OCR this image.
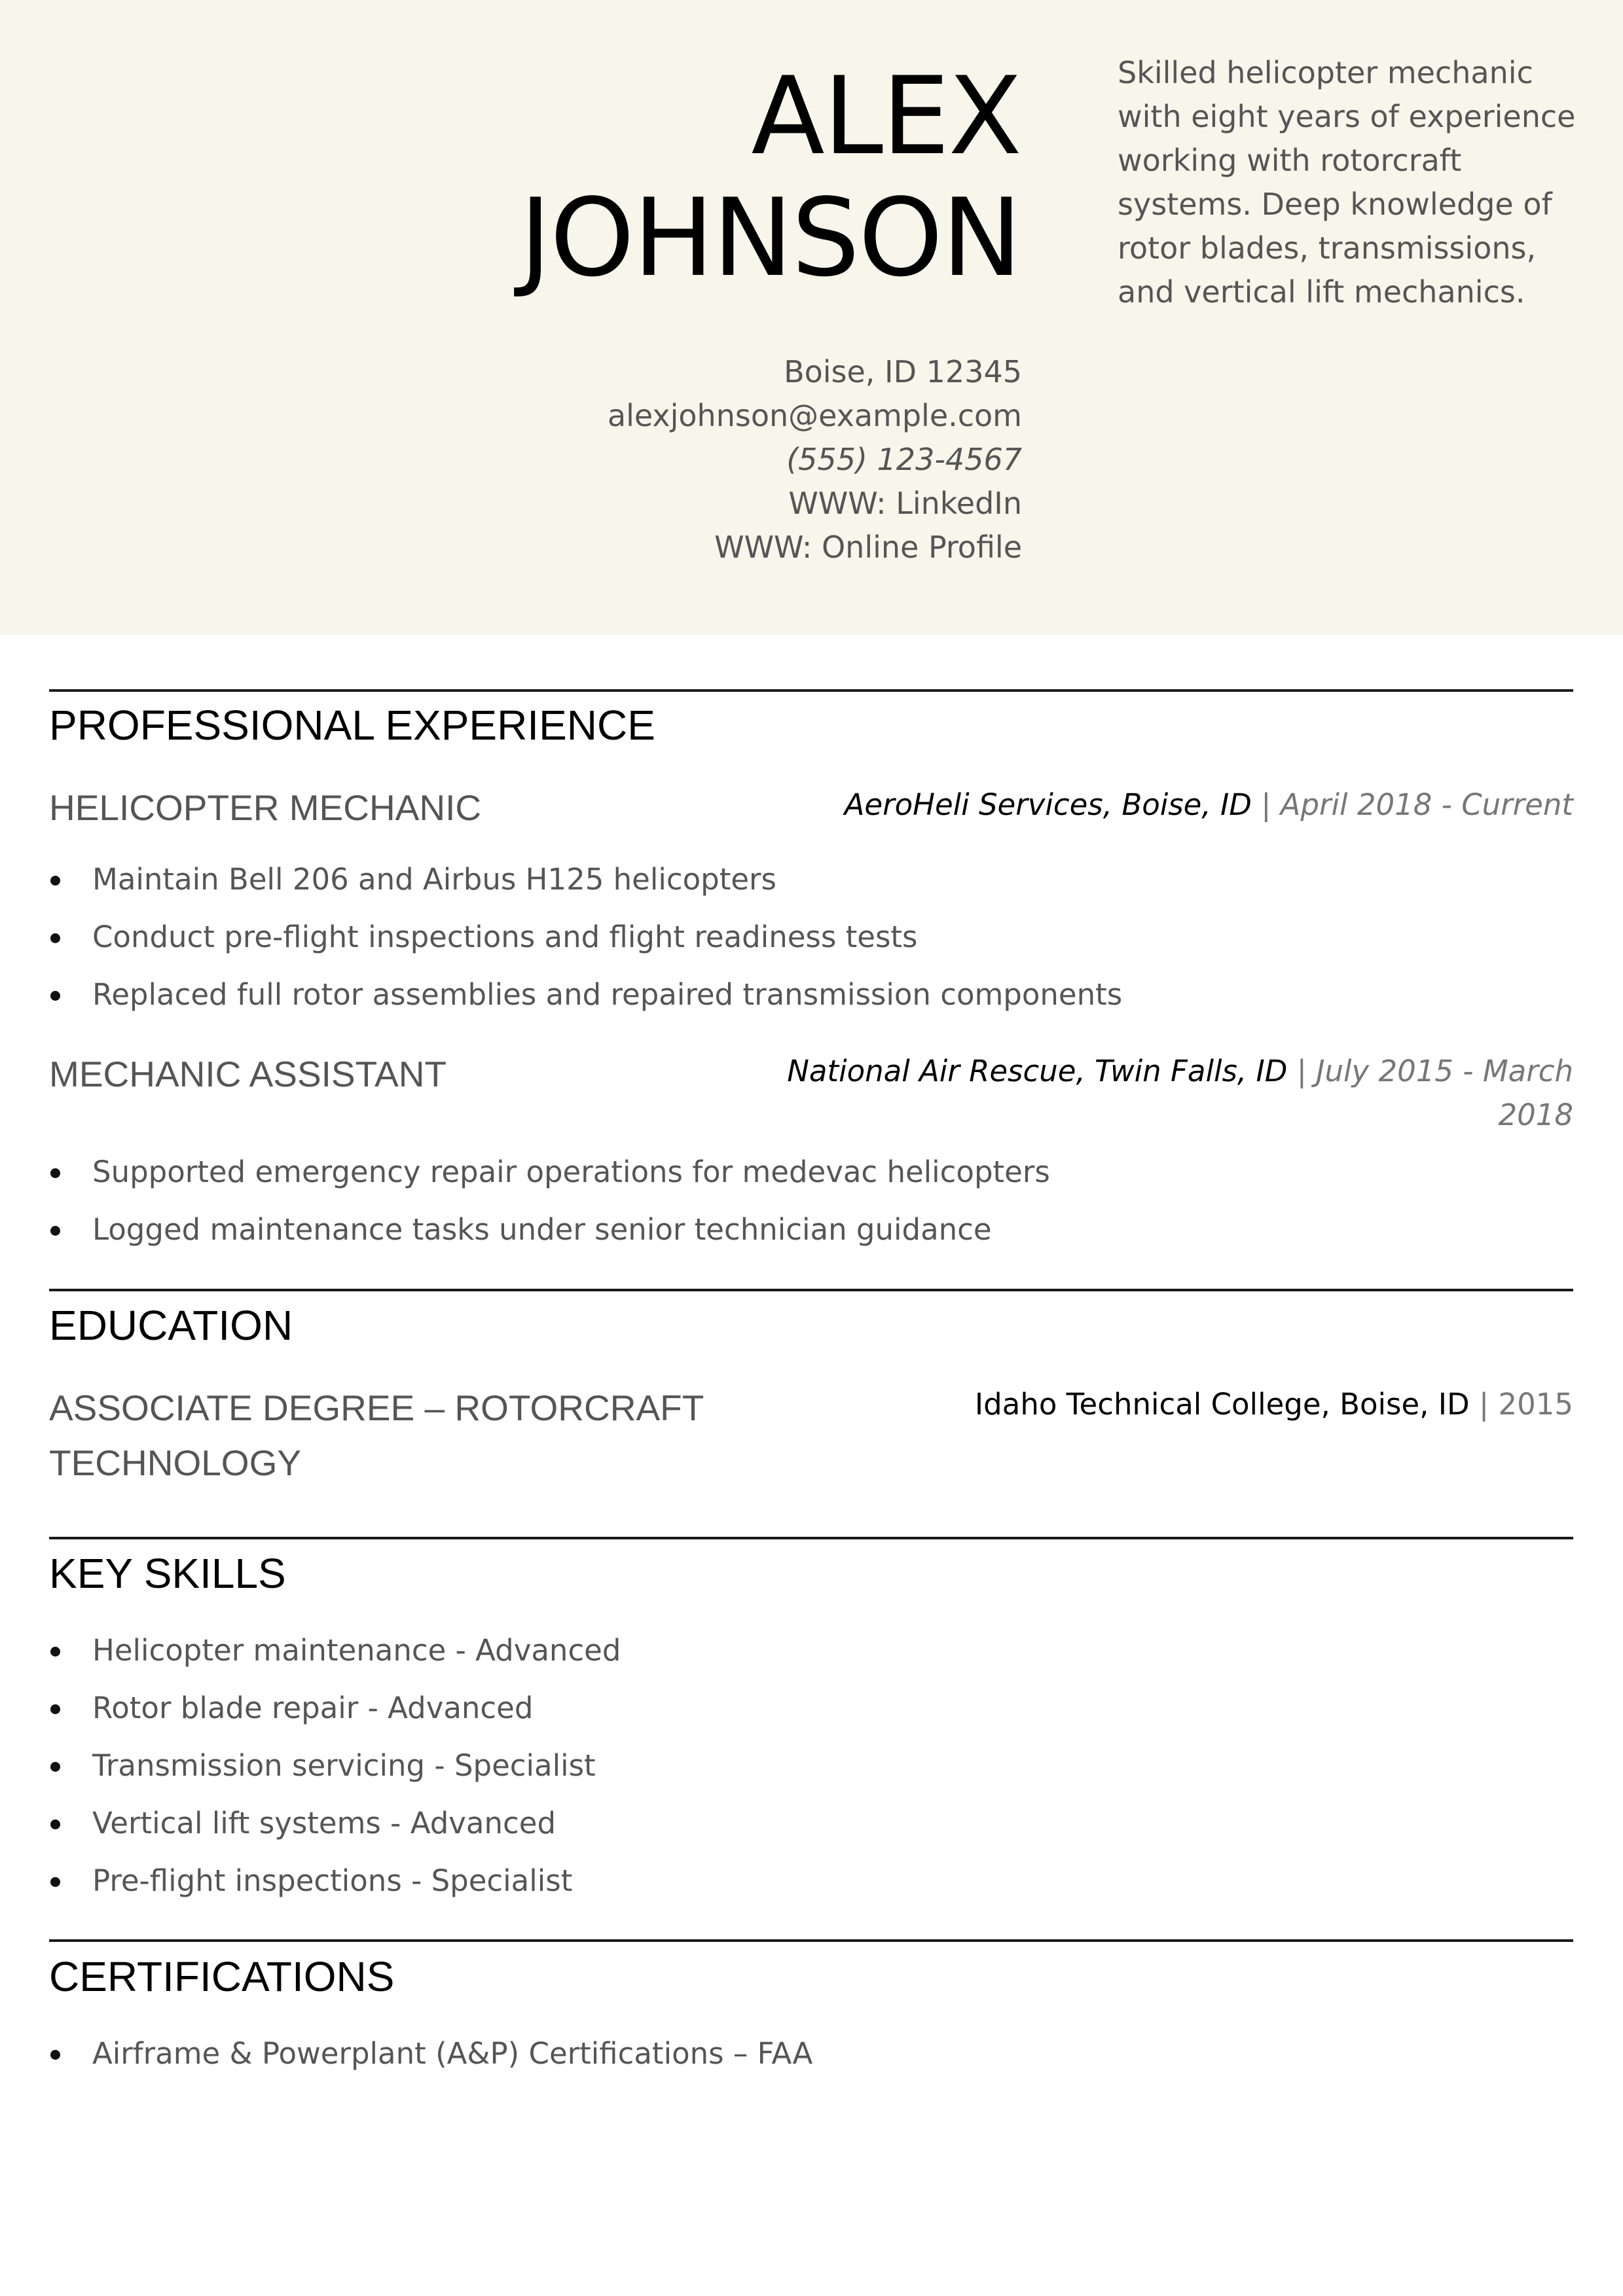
ALEX
JOHNSON
Boise, ID 12345
alexjohnson@example.com
(555) 123-4567
WWW: LinkedIn
WWW: Online Profile
Skilled helicopter mechanic with eight years of experience working with rotorcraft systems. Deep knowledge of rotor blades, transmissions, and vertical lift mechanics.
PROFESSIONAL EXPERIENCE
HELICOPTER MECHANIC	AeroHeli Services, Boise, ID | April 2018 - Current
Maintain Bell 206 and Airbus H125 helicopters
Conduct pre-flight inspections and flight readiness tests
Replaced full rotor assemblies and repaired transmission components
MECHANIC ASSISTANT	National Air Rescue, Twin Falls, ID | July 2015 - March
2018
Supported emergency repair operations for medevac helicopters
Logged maintenance tasks under senior technician guidance
EDUCATION
ASSOCIATE DEGREE – ROTORCRAFT
TECHNOLOGY
Idaho Technical College, Boise, ID | 2015
KEY SKILLS
Helicopter maintenance - Advanced
Rotor blade repair - Advanced
Transmission servicing - Specialist
Vertical lift systems - Advanced
Pre-flight inspections - Specialist
CERTIFICATIONS
Airframe & Powerplant (A&P) Certifications – FAA
